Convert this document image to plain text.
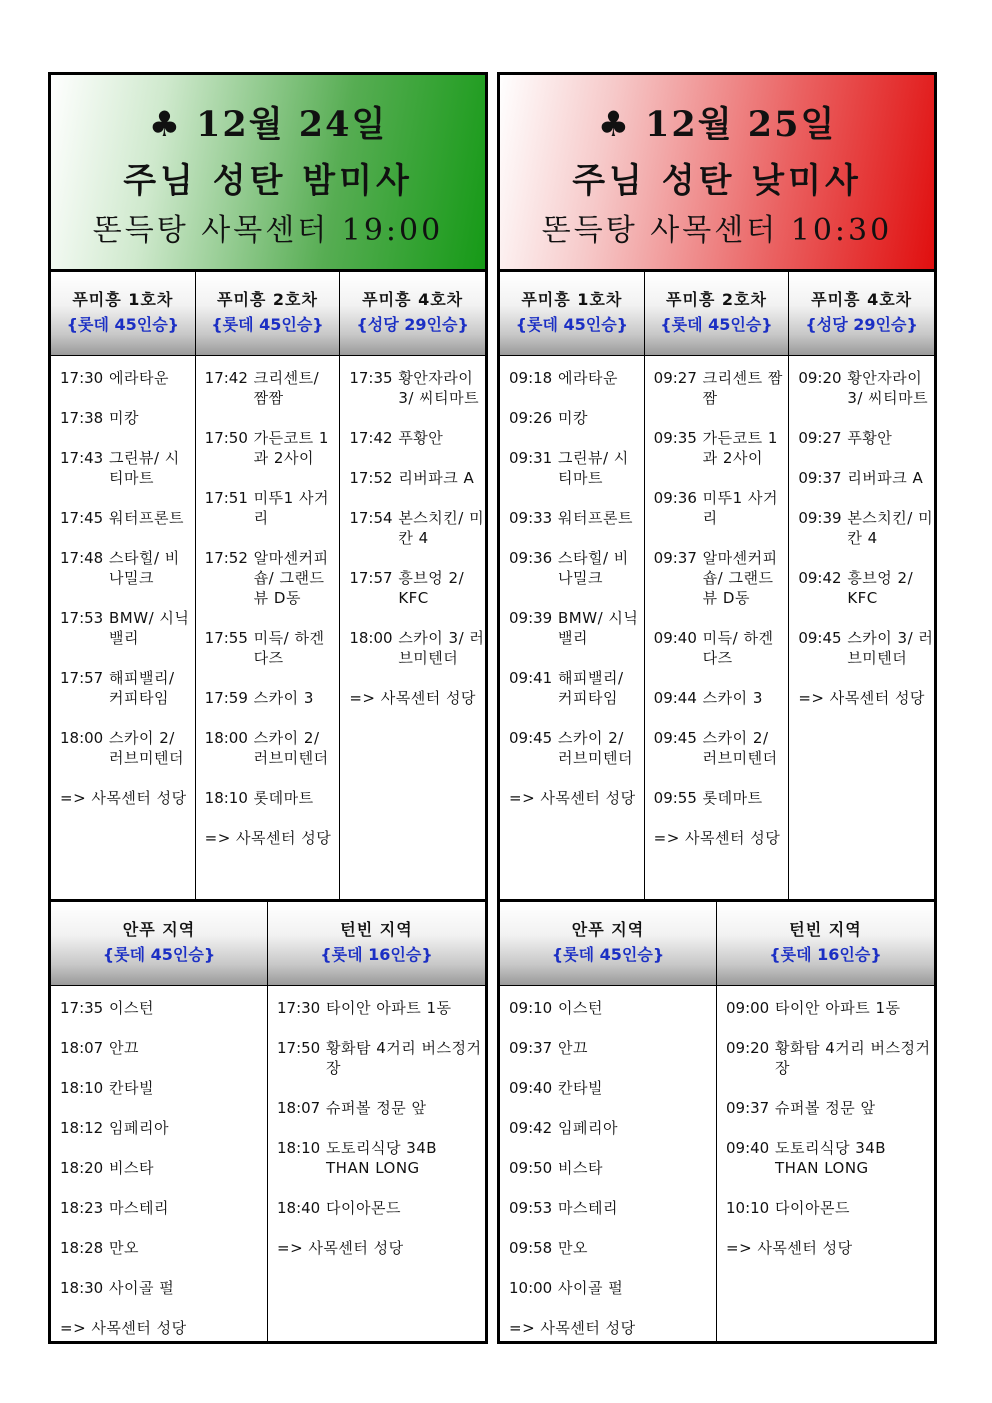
♣ 12월 24일
주님 성탄 밤미사
똔득탕 사목센터 19:00
푸미흥 1호차
{롯데 45인승}
17:30 에라타운
17:38 미캉
17:43 그린뷰/ 시티마트
17:45 워터프론트
17:48 스타힐/ 비나밀크
17:53 BMW/ 시닉밸리
17:57 해피밸리/ 커피타임
18:00 스카이 2/ 러브미텐더
=> 사목센터 성당
푸미흥 2호차
{롯데 45인승}
17:42 크리센트/ 짬짬
17:50 가든코트 1과 2사이
17:51 미뚜1 사거리
17:52 알마센커피숍/ 그랜드뷰 D동
17:55 미득/ 하겐다즈
17:59 스카이 3
18:00 스카이 2/ 러브미텐더
18:10 롯데마트
=> 사목센터 성당
푸미흥 4호차
{성당 29인승}
17:35 황안자라이 3/ 씨티마트
17:42 푸황안
17:52 리버파크 A
17:54 본스치킨/ 미칸 4
17:57 흥브엉 2/ KFC
18:00 스카이 3/ 러브미텐더
=> 사목센터 성당
안푸 지역
{롯데 45인승}
17:35 이스턴
18:07 안끄
18:10 칸타빌
18:12 임페리아
18:20 비스타
18:23 마스테리
18:28 만오
18:30 사이골 펄
=> 사목센터 성당
턴빈 지역
{롯데 16인승}
17:30 타이안 아파트 1동
17:50 황화탐 4거리 버스정거장
18:07 슈퍼볼 정문 앞
18:10 도토리식당 34B THAN LONG
18:40 다이아몬드
=> 사목센터 성당
♣ 12월 25일
주님 성탄 낮미사
똔득탕 사목센터 10:30
푸미흥 1호차
{롯데 45인승}
09:18 에라타운
09:26 미캉
09:31 그린뷰/ 시티마트
09:33 워터프론트
09:36 스타힐/ 비나밀크
09:39 BMW/ 시닉밸리
09:41 해피밸리/ 커피타임
09:45 스카이 2/ 러브미텐더
=> 사목센터 성당
푸미흥 2호차
{롯데 45인승}
09:27 크리센트 짬짬
09:35 가든코트 1과 2사이
09:36 미뚜1 사거리
09:37 알마센커피숍/ 그랜드뷰 D동
09:40 미득/ 하겐다즈
09:44 스카이 3
09:45 스카이 2/ 러브미텐더
09:55 롯데마트
=> 사목센터 성당
푸미흥 4호차
{성당 29인승}
09:20 황안자라이 3/ 씨티마트
09:27 푸황안
09:37 리버파크 A
09:39 본스치킨/ 미칸 4
09:42 흥브엉 2/ KFC
09:45 스카이 3/ 러브미텐더
=> 사목센터 성당
안푸 지역
{롯데 45인승}
09:10 이스턴
09:37 안끄
09:40 칸타빌
09:42 임페리아
09:50 비스타
09:53 마스테리
09:58 만오
10:00 사이골 펄
=> 사목센터 성당
턴빈 지역
{롯데 16인승}
09:00 타이안 아파트 1동
09:20 황화탐 4거리 버스정거장
09:37 슈퍼볼 정문 앞
09:40 도토리식당 34B THAN LONG
10:10 다이아몬드
=> 사목센터 성당
